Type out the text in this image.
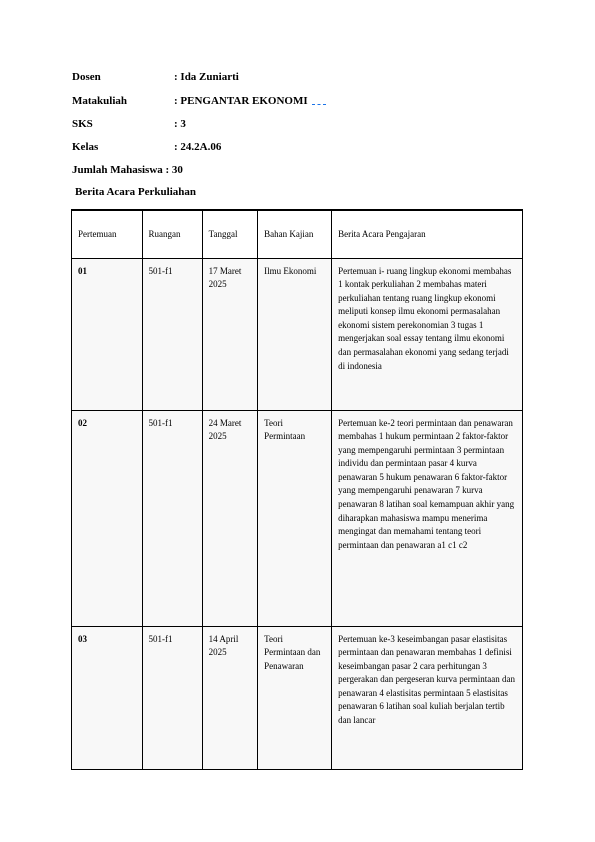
Dosen	: Ida Zuniarti
Matakuliah	: PENGANTAR EKONOMI
SKS	: 3
Kelas	: 24.2A.06
Jumlah Mahasiswa : 30
Berita Acara Perkuliahan
Pertemuan	Ruangan	Tanggal	Bahan Kajian	Berita Acara Pengajaran
01	501-f1	17 Maret 2025	Ilmu Ekonomi	Pertemuan i- ruang lingkup ekonomi membahas 1 kontak perkuliahan 2 membahas materi perkuliahan tentang ruang lingkup ekonomi meliputi konsep ilmu ekonomi permasalahan ekonomi sistem perekonomian 3 tugas 1 mengerjakan soal essay tentang ilmu ekonomi dan permasalahan ekonomi yang sedang terjadi di indonesia
02	501-f1	24 Maret 2025	Teori Permintaan	Pertemuan ke-2 teori permintaan dan penawaran membahas 1 hukum permintaan 2 faktor-faktor yang mempengaruhi permintaan 3 permintaan individu dan permintaan pasar 4 kurva penawaran 5 hukum penawaran 6 faktor-faktor yang mempengaruhi penawaran 7 kurva penawaran 8 latihan soal kemampuan akhir yang diharapkan mahasiswa mampu menerima mengingat dan memahami tentang teori permintaan dan penawaran a1 c1 c2
03	501-f1	14 April 2025	Teori Permintaan dan Penawaran	Pertemuan ke-3 keseimbangan pasar elastisitas permintaan dan penawaran membahas 1 definisi keseimbangan pasar 2 cara perhitungan 3 pergerakan dan pergeseran kurva permintaan dan penawaran 4 elastisitas permintaan 5 elastisitas penawaran 6 latihan soal kuliah berjalan tertib dan lancar
